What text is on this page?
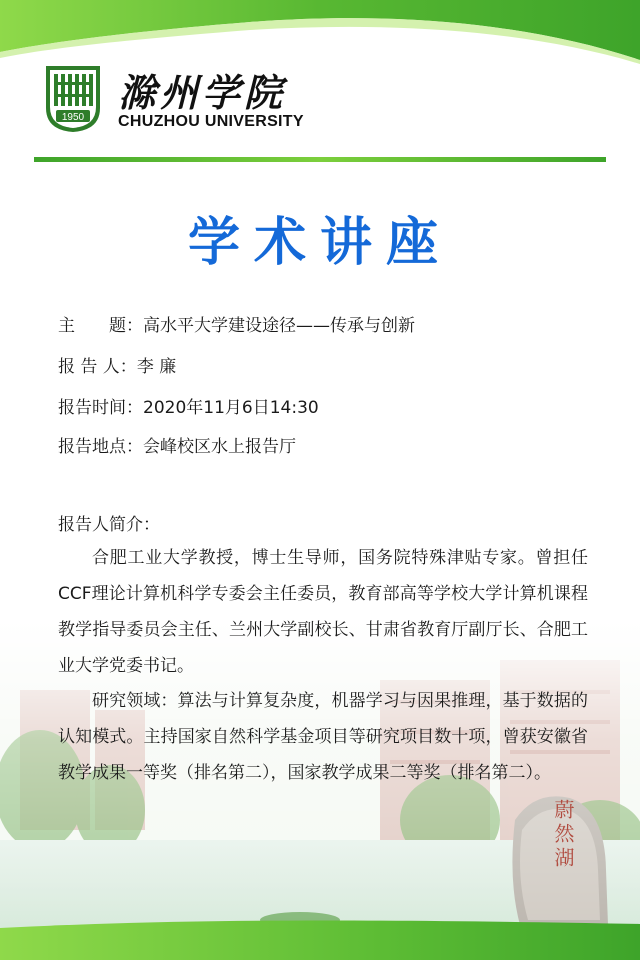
1950
滁州学院
CHUZHOU UNIVERSITY
学术讲座
主　　题：高水平大学建设途径——传承与创新
报 告 人：李 廉
报告时间：2020年11月6日14:30
报告地点：会峰校区水上报告厅
蔚然湖
报告人简介：
合肥工业大学教授，博士生导师，国务院特殊津贴专家。曾担任CCF理论计算机科学专委会主任委员，教育部高等学校大学计算机课程教学指导委员会主任、兰州大学副校长、甘肃省教育厅副厅长、合肥工业大学党委书记。
研究领域：算法与计算复杂度，机器学习与因果推理，基于数据的认知模式。主持国家自然科学基金项目等研究项目数十项，曾获安徽省教学成果一等奖（排名第二），国家教学成果二等奖（排名第二）。
